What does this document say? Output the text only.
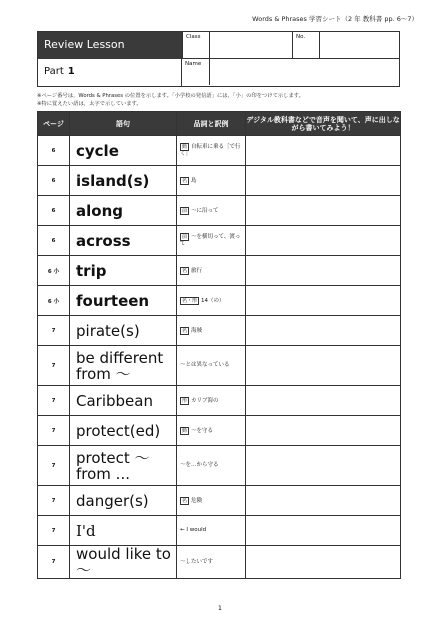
Words & Phrases 学習シート（2 年 教科書 pp. 6～7）
Review Lesson
Class	No.
Part 1
Name
※ページ番号は，Words & Phrases の位置を示します。「小学校の発信語」には，「小」の印をつけて示します。
※特に覚えたい語は，太字で示しています。
ページ	語句	品詞と訳例	デジタル教科書などで音声を聞いて、声に出しながら書いてみよう！
6	cycle	動 自転車に乗る［で行く］	
6	island(s)	名 島	
6	along	前 ～に沿って	
6	across	前 ～を横切って、渡って	
6 小	trip	名 旅行	
6 小	fourteen	名・形 14（の）	
7	pirate(s)	名 海賊	
7	be different from ～	～とは異なっている	
7	Caribbean	形 カリブ海の	
7	protect(ed)	動 ～を守る	
7	protect ～ from ...	～を…から守る	
7	danger(s)	名 危険	
7	I'd	← I would	
7	would like to ～	～したいです	
1
